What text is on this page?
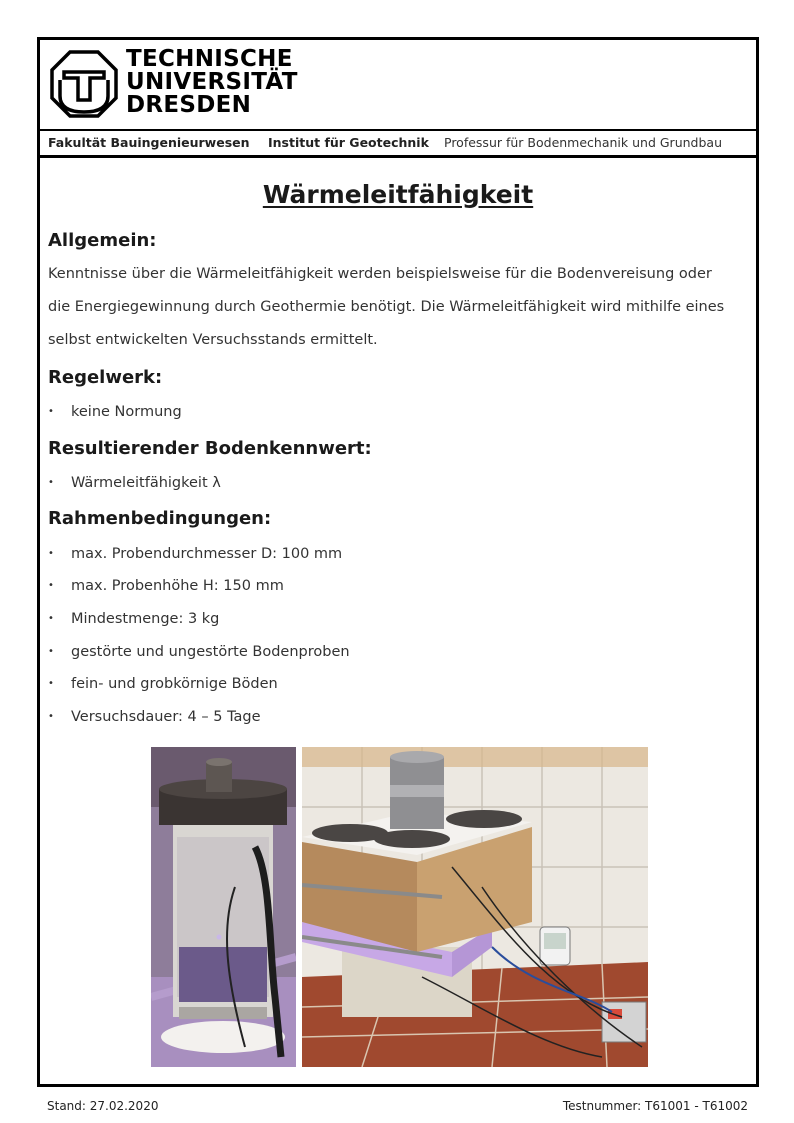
TECHNISCHE
UNIVERSITÄT
DRESDEN
Fakultät Bauingenieurwesen Institut für Geotechnik Professur für Bodenmechanik und Grundbau
Wärmeleitfähigkeit
Allgemein:
Kenntnisse über die Wärmeleitfähigkeit werden beispielsweise für die Bodenvereisung oder
die Energiegewinnung durch Geothermie benötigt. Die Wärmeleitfähigkeit wird mithilfe eines
selbst entwickelten Versuchsstands ermittelt.
Regelwerk:
• keine Normung
Resultierender Bodenkennwert:
• Wärmeleitfähigkeit λ
Rahmenbedingungen:
• max. Probendurchmesser D: 100 mm
• max. Probenhöhe H: 150 mm
• Mindestmenge: 3 kg
• gestörte und ungestörte Bodenproben
• fein- und grobkörnige Böden
• Versuchsdauer: 4 – 5 Tage
Stand: 27.02.2020	Testnummer: T61001 - T61002
